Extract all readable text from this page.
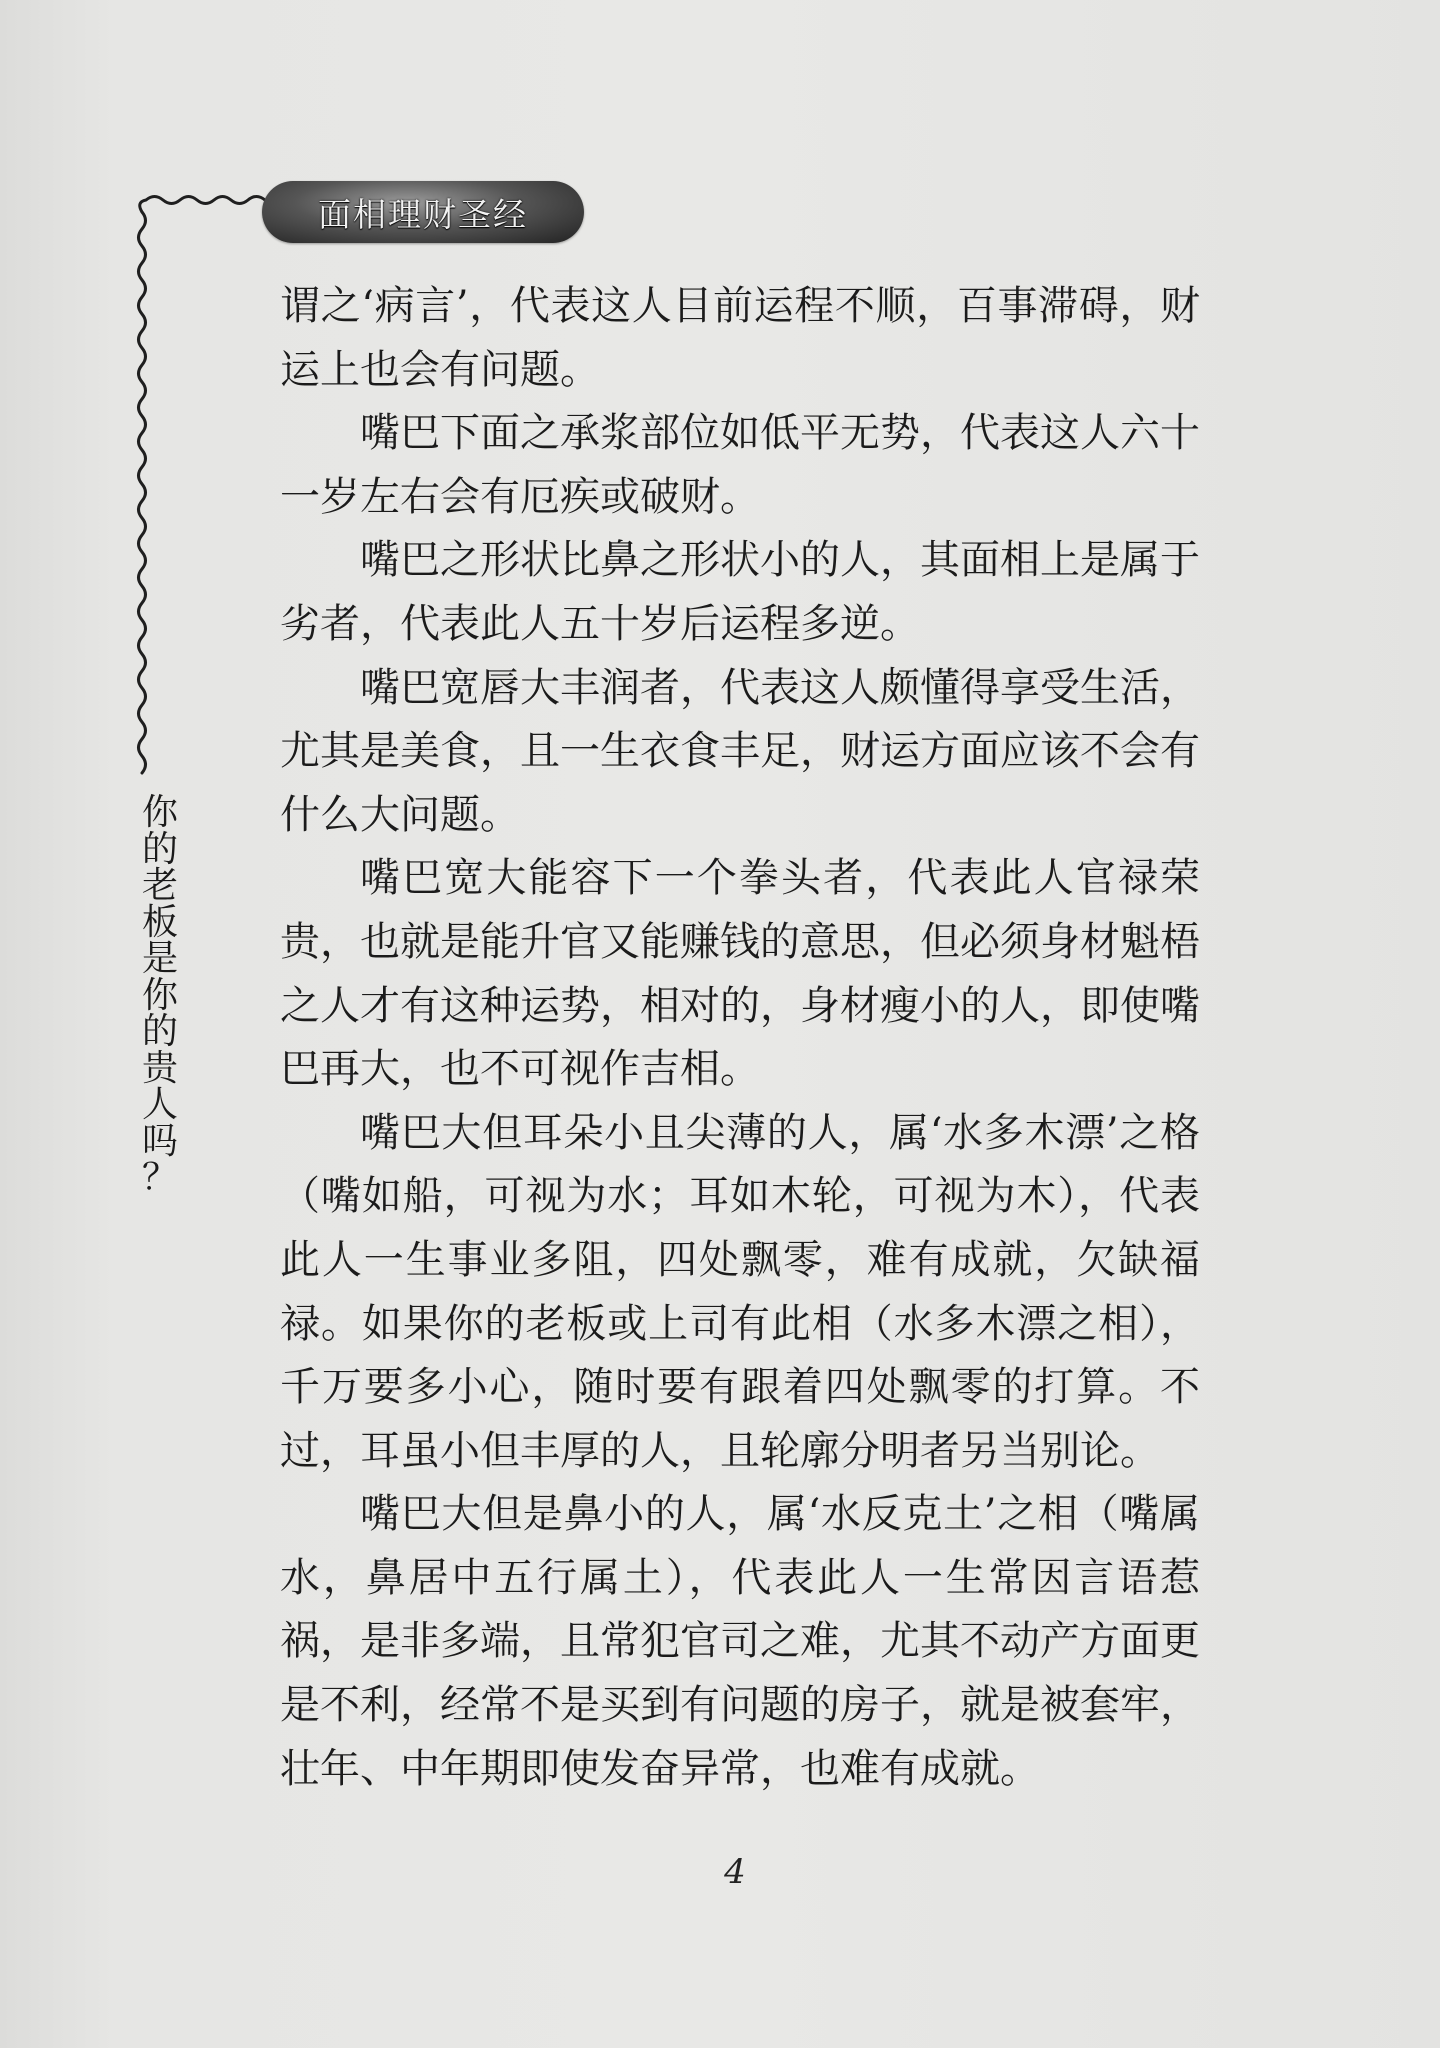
面相理财圣经
你
的
老
板
是
你
的
贵
人
吗
？

谓之‘病言’，代表这人目前运程不顺，百事滞碍，财运上也会有问题。

嘴巴下面之承浆部位如低平无势，代表这人六十一岁左右会有厄疾或破财。

嘴巴之形状比鼻之形状小的人，其面相上是属于劣者，代表此人五十岁后运程多逆。

嘴巴宽唇大丰润者，代表这人颇懂得享受生活，尤其是美食，且一生衣食丰足，财运方面应该不会有什么大问题。

嘴巴宽大能容下一个拳头者，代表此人官禄荣贵，也就是能升官又能赚钱的意思，但必须身材魁梧之人才有这种运势，相对的，身材瘦小的人，即使嘴巴再大，也不可视作吉相。

嘴巴大但耳朵小且尖薄的人，属‘水多木漂’之格（嘴如船，可视为水；耳如木轮，可视为木），代表此人一生事业多阻，四处飘零，难有成就，欠缺福禄。如果你的老板或上司有此相（水多木漂之相），千万要多小心，随时要有跟着四处飘零的打算。不过，耳虽小但丰厚的人，且轮廓分明者另当别论。

嘴巴大但是鼻小的人，属‘水反克土’之相（嘴属水，鼻居中五行属土），代表此人一生常因言语惹祸，是非多端，且常犯官司之难，尤其不动产方面更是不利，经常不是买到有问题的房子，就是被套牢，壮年、中年期即使发奋异常，也难有成就。

4
